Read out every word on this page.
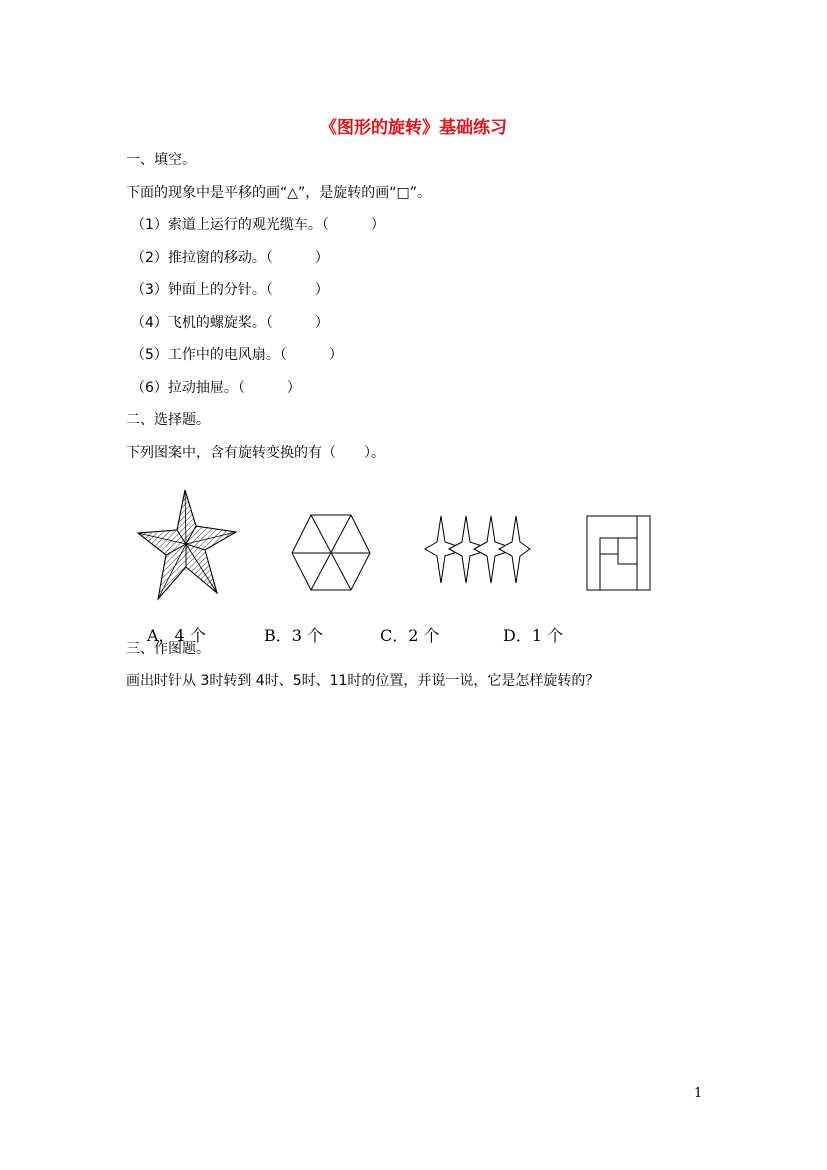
《图形的旋转》基础练习
一、填空。
下面的现象中是平移的画“△”，是旋转的画“□”。
（1）索道上运行的观光缆车。（　　　）
（2）推拉窗的移动。（　　　）
（3）钟面上的分针。（　　　）
（4）飞机的螺旋桨。（　　　）
（5）工作中的电风扇。（　　　）
（6）拉动抽屉。（　　　）
二、选择题。
下列图案中，含有旋转变换的有（　　）。
A．4 个	B．3 个	C．2 个	D．1 个
三、作图题。
画出时针从 3时转到 4时、5时、11时的位置，并说一说，它是怎样旋转的？
1
